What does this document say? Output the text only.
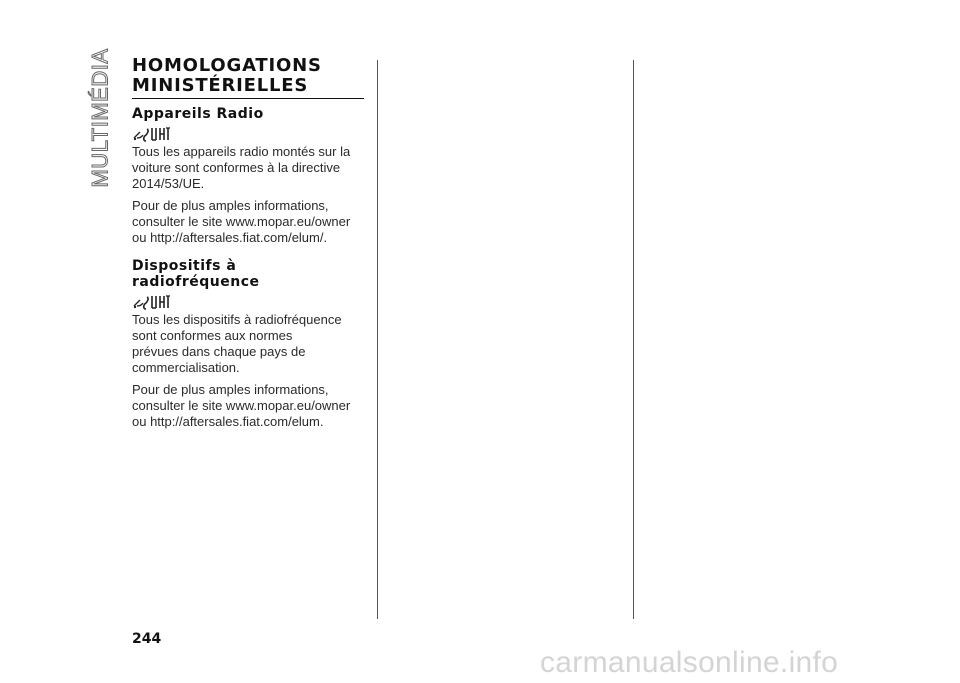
MULTIMÉDIA HOMOLOGATIONS
MINISTÉRIELLES
Appareils Radio

Tous les appareils radio montés sur la
voiture sont conformes à la directive
2014/53/UE.

Pour de plus amples informations,
consulter le site www.mopar.eu/owner
ou http://aftersales.fiat.com/elum/.

Dispositifs à
radiofréquence

Tous les dispositifs à radiofréquence
sont conformes aux normes
prévues dans chaque pays de
commercialisation.

Pour de plus amples informations,
consulter le site www.mopar.eu/owner
ou http://aftersales.fiat.com/elum.

244
carmanualsonline.info
